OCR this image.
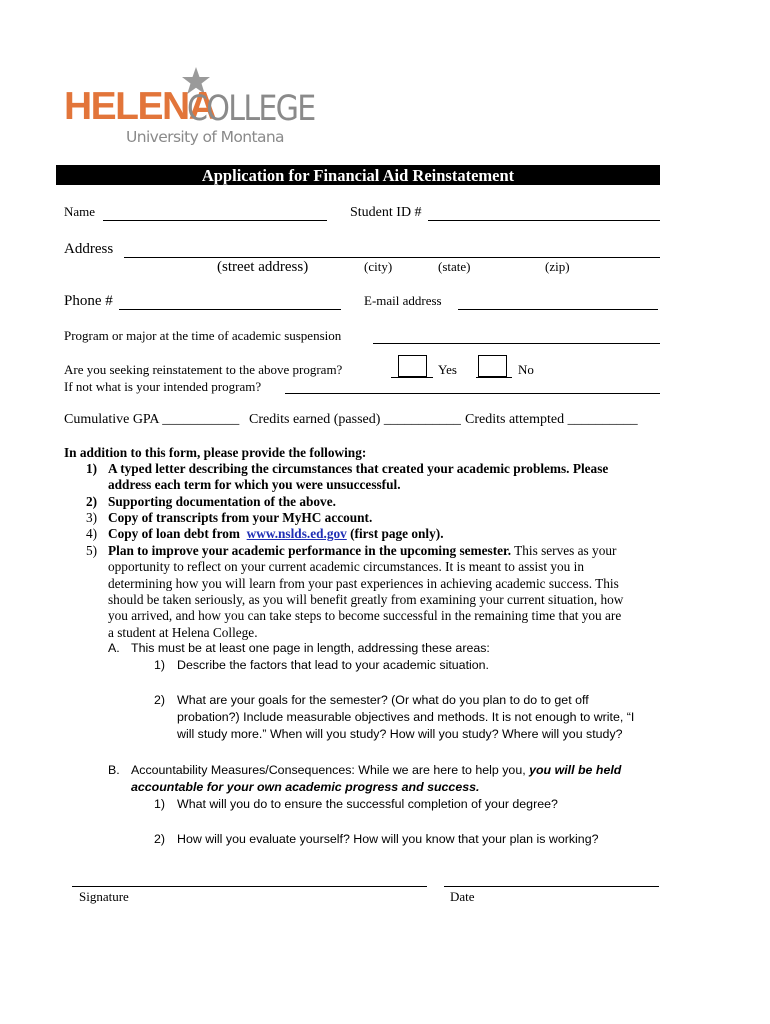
HELENA
COLLEGE
University of Montana
Application for Financial Aid Reinstatement
Name	Student ID #
Address
(street address)	(city)	(state)	(zip)
Phone #	E-mail address
Program or major at the time of academic suspension
Are you seeking reinstatement to the above program?	Yes	No
If not what is your intended program?
Cumulative GPA ___________ Credits earned (passed) ___________ Credits attempted __________
In addition to this form, please provide the following:
1) A typed letter describing the circumstances that created your academic problems. Please
address each term for which you were unsuccessful.
2) Supporting documentation of the above.
3) Copy of transcripts from your MyHC account.
4) Copy of loan debt from  www.nslds.ed.gov (first page only).
5) Plan to improve your academic performance in the upcoming semester. This serves as your
opportunity to reflect on your current academic circumstances. It is meant to assist you in
determining how you will learn from your past experiences in achieving academic success. This
should be taken seriously, as you will benefit greatly from examining your current situation, how
you arrived, and how you can take steps to become successful in the remaining time that you are
a student at Helena College.
A. This must be at least one page in length, addressing these areas:
1) Describe the factors that lead to your academic situation.
2) What are your goals for the semester? (Or what do you plan to do to get off
probation?) Include measurable objectives and methods. It is not enough to write, “I
will study more.” When will you study? How will you study? Where will you study?
B. Accountability Measures/Consequences: While we are here to help you, you will be held
accountable for your own academic progress and success.
1) What will you do to ensure the successful completion of your degree?
2) How will you evaluate yourself? How will you know that your plan is working?
Signature	Date
